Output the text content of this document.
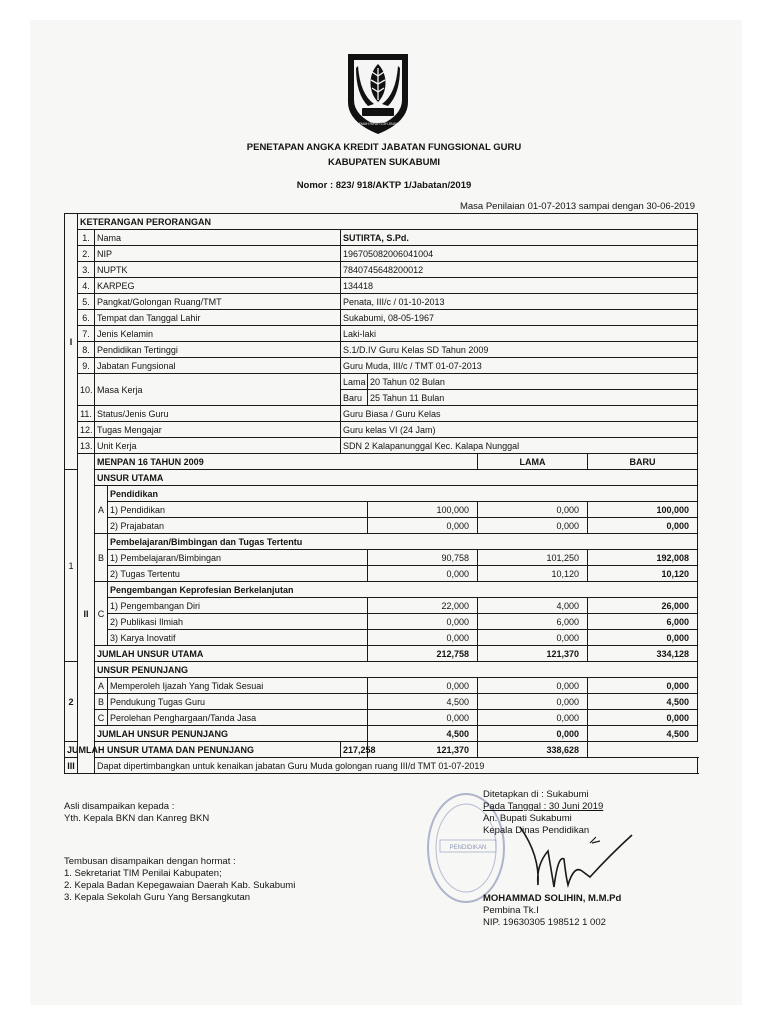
GEMAH RIPAH LOH JINAWI
PENETAPAN ANGKA KREDIT JABATAN FUNGSIONAL GURU
KABUPATEN SUKABUMI
Nomor : 823/ 918/AKTP 1/Jabatan/2019
Masa Penilaian 01-07-2013 sampai dengan 30-06-2019
I	KETERANGAN PERORANGAN							
	1.	Nama		SUTIRTA, S.Pd.				
	2.	NIP		196705082006041004				
	3.	NUPTK		7840745648200012				
	4.	KARPEG		134418				
	5.	Pangkat/Golongan Ruang/TMT		Penata, III/c / 01-10-2013				
	6.	Tempat dan Tanggal Lahir		Sukabumi, 08-05-1967				
	7.	Jenis Kelamin		Laki-laki				
	8.	Pendidikan Tertinggi		S.1/D.IV Guru Kelas SD Tahun 2009				
	9.	Jabatan Fungsional		Guru Muda, III/c / TMT 01-07-2013				
	10.	Masa Kerja		Lama	20 Tahun 02 Bulan			
				Baru	25 Tahun 11 Bulan			
	11.	Status/Jenis Guru		Guru Biasa / Guru Kelas				
	12.	Tugas Mengajar		Guru kelas VI (24 Jam)				
	13.	Unit Kerja		SDN 2 Kalapanunggal Kec. Kalapa Nunggal				
	II	MENPAN 16 TAHUN 2009				LAMA	BARU	
1		UNSUR UTAMA						
		A	Pendidikan					
			1) Pendidikan		100,000	0,000	100,000	
			2) Prajabatan		0,000	0,000	0,000	
		B	Pembelajaran/Bimbingan dan Tugas Tertentu					
			1) Pembelajaran/Bimbingan		90,758	101,250	192,008	
			2) Tugas Tertentu		0,000	10,120	10,120	
		C	Pengembangan Keprofesian Berkelanjutan					
			1) Pengembangan Diri		22,000	4,000	26,000	
			2) Publikasi Ilmiah		0,000	6,000	6,000	
			3) Karya Inovatif		0,000	0,000	0,000	
		JUMLAH UNSUR UTAMA			212,758	121,370	334,128	
2		UNSUR PENUNJANG						
		A	Memperoleh Ijazah Yang Tidak Sesuai		0,000	0,000	0,000	
		B	Pendukung Tugas Guru		4,500	0,000	4,500	
		C	Perolehan Penghargaan/Tanda Jasa		0,000	0,000	0,000	
		JUMLAH UNSUR PENUNJANG			4,500	0,000	4,500	
JUMLAH UNSUR UTAMA DAN PENUNJANG				217,258	121,370	338,628		
III		Dapat dipertimbangkan untuk kenaikan jabatan Guru Muda golongan ruang III/d TMT 01-07-2019						
Asli disampaikan kepada :
Yth. Kepala BKN dan Kanreg BKN
Tembusan disampaikan dengan hormat :
1. Sekretariat TIM Penilai Kabupaten;
2. Kepala Badan Kepegawaian Daerah Kab. Sukabumi
3. Kepala Sekolah Guru Yang Bersangkutan
PENDIDIKAN
Ditetapkan di : Sukabumi
Pada Tanggal : 30 Juni 2019
An. Bupati Sukabumi
Kepala Dinas Pendidikan
MOHAMMAD SOLIHIN, M.M.Pd
Pembina Tk.I
NIP. 19630305 198512 1 002
